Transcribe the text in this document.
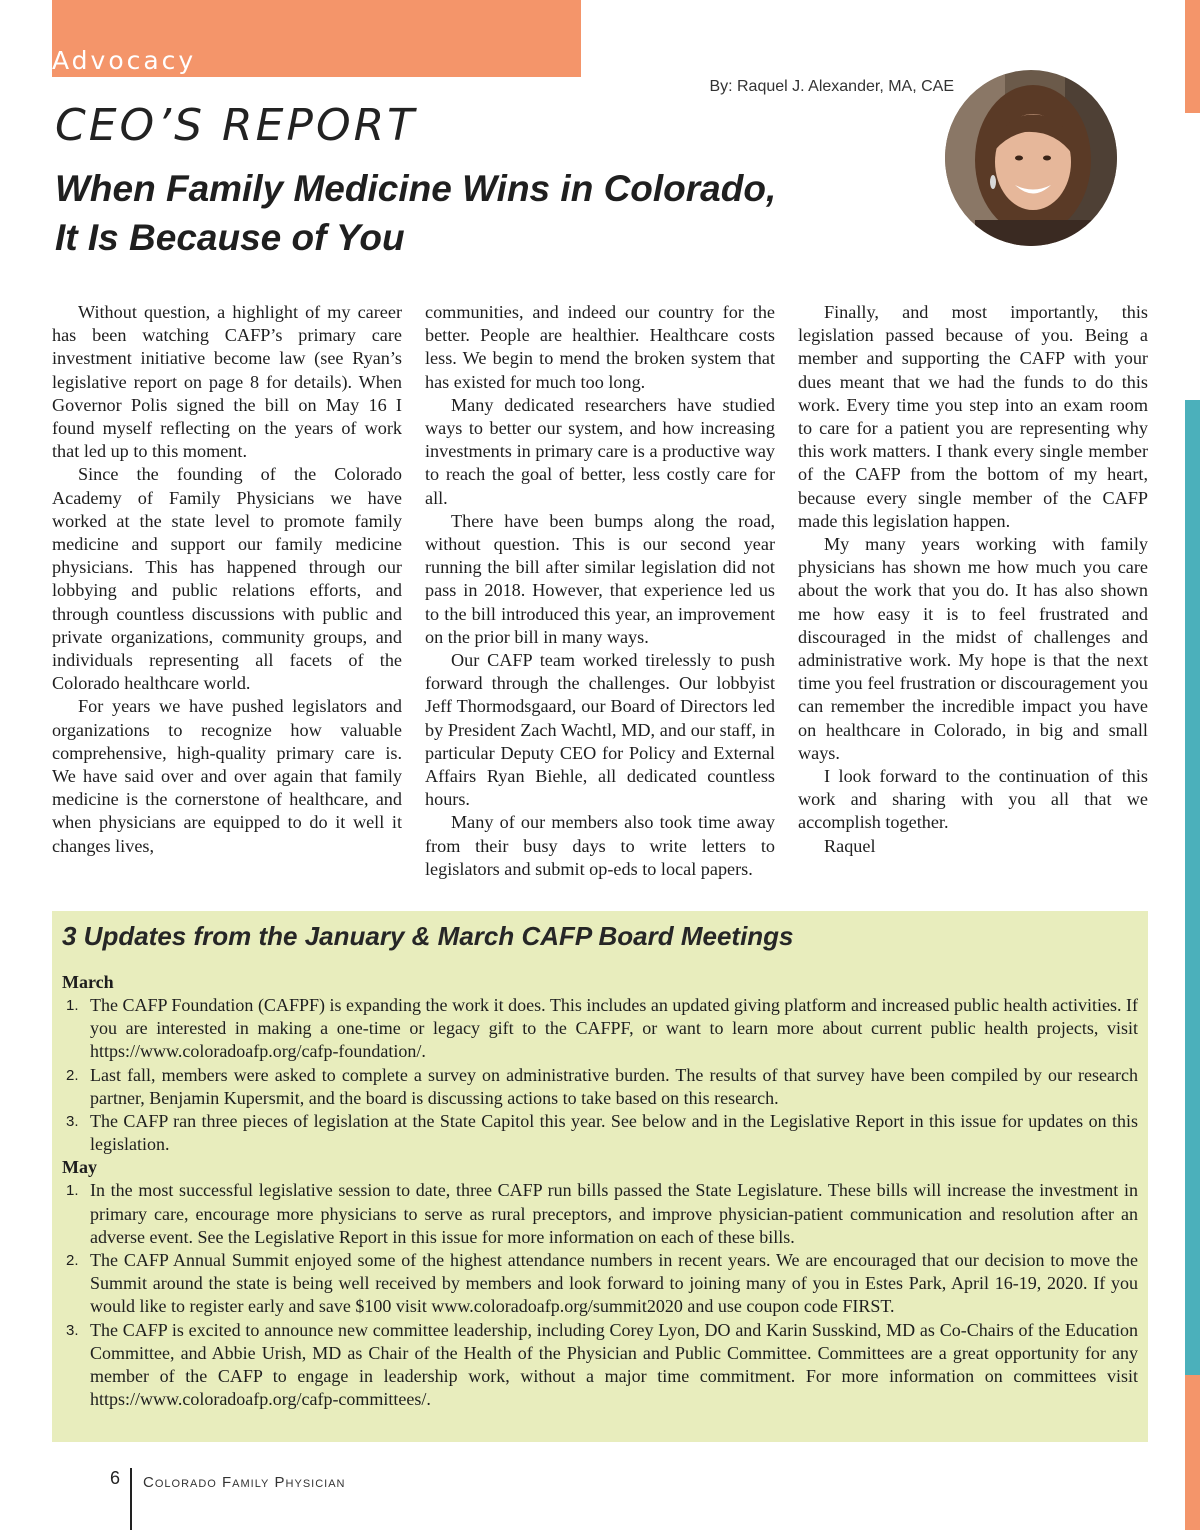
Advocacy
By: Raquel J. Alexander, MA, CAE
CEO’S REPORT
When Family Medicine Wins in Colorado,
It Is Because of You

Without question, a highlight of my career has been watching CAFP’s primary care investment initiative become law (see Ryan’s legislative report on page 8 for details). When Governor Polis signed the bill on May 16 I found myself reflecting on the years of work that led up to this moment.

Since the founding of the Colorado Academy of Family Physicians we have worked at the state level to promote family medicine and support our family medicine physicians. This has happened through our lobbying and public relations efforts, and through countless discussions with public and private organizations, community groups, and individuals representing all facets of the Colorado healthcare world.

For years we have pushed legislators and organizations to recognize how valuable comprehensive, high-quality primary care is. We have said over and over again that family medicine is the cornerstone of healthcare, and when physicians are equipped to do it well it changes lives,

communities, and indeed our country for the better. People are healthier. Healthcare costs less. We begin to mend the broken system that has existed for much too long.

Many dedicated researchers have studied ways to better our system, and how increasing investments in primary care is a productive way to reach the goal of better, less costly care for all.

There have been bumps along the road, without question. This is our second year running the bill after similar legislation did not pass in 2018. However, that experience led us to the bill introduced this year, an improvement on the prior bill in many ways.

Our CAFP team worked tirelessly to push forward through the challenges. Our lobbyist Jeff Thormodsgaard, our Board of Directors led by President Zach Wachtl, MD, and our staff, in particular Deputy CEO for Policy and External Affairs Ryan Biehle, all dedicated countless hours.

Many of our members also took time away from their busy days to write letters to legislators and submit op-eds to local papers.

Finally, and most importantly, this legislation passed because of you. Being a member and supporting the CAFP with your dues meant that we had the funds to do this work. Every time you step into an exam room to care for a patient you are representing why this work matters. I thank every single member of the CAFP from the bottom of my heart, because every single member of the CAFP made this legislation happen.

My many years working with family physicians has shown me how much you care about the work that you do. It has also shown me how easy it is to feel frustrated and discouraged in the midst of challenges and administrative work. My hope is that the next time you feel frustration or discouragement you can remember the incredible impact you have on healthcare in Colorado, in big and small ways.

I look forward to the continuation of this work and sharing with you all that we accomplish together.

Raquel

3 Updates from the January & March CAFP Board Meetings
March
1. The CAFP Foundation (CAFPF) is expanding the work it does. This includes an updated giving platform and increased public health activities. If you are interested in making a one-time or legacy gift to the CAFPF, or want to learn more about current public health projects, visit https://www.coloradoafp.org/cafp-foundation/.
2. Last fall, members were asked to complete a survey on administrative burden. The results of that survey have been compiled by our research partner, Benjamin Kupersmit, and the board is discussing actions to take based on this research.
3. The CAFP ran three pieces of legislation at the State Capitol this year. See below and in the Legislative Report in this issue for updates on this legislation.
May
1. In the most successful legislative session to date, three CAFP run bills passed the State Legislature. These bills will increase the investment in primary care, encourage more physicians to serve as rural preceptors, and improve physician-patient communication and resolution after an adverse event. See the Legislative Report in this issue for more information on each of these bills.
2. The CAFP Annual Summit enjoyed some of the highest attendance numbers in recent years. We are encouraged that our decision to move the Summit around the state is being well received by members and look forward to joining many of you in Estes Park, April 16-19, 2020. If you would like to register early and save $100 visit www.coloradoafp.org/summit2020 and use coupon code FIRST.
3. The CAFP is excited to announce new committee leadership, including Corey Lyon, DO and Karin Susskind, MD as Co-Chairs of the Education Committee, and Abbie Urish, MD as Chair of the Health of the Physician and Public Committee. Committees are a great opportunity for any member of the CAFP to engage in leadership work, without a major time commitment. For more information on committees visit https://www.coloradoafp.org/cafp-committees/.
6 Colorado Family Physician
